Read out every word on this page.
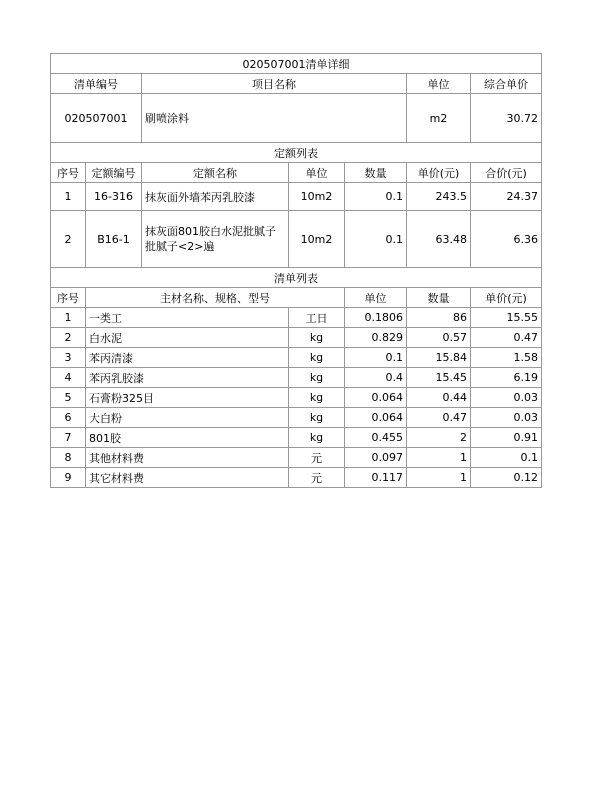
020507001清单详细							
清单编号		项目名称			单位	综合单价	
020507001		刷喷涂料			m2	30.72	
定额列表							
序号	定额编号	定额名称	单位	数量	单价(元)	合价(元)	
1	16-316	抹灰面外墙苯丙乳胶漆	10m2	0.1	243.5	24.37	
2	B16-1	抹灰面801胶白水泥批腻子批腻子<2>遍	10m2	0.1	63.48	6.36	
清单列表							
序号	主材名称、规格、型号			单位	数量	单价(元)	
1	一类工		工日	0.1806	86	15.55	
2	白水泥		kg	0.829	0.57	0.47	
3	苯丙清漆		kg	0.1	15.84	1.58	
4	苯丙乳胶漆		kg	0.4	15.45	6.19	
5	石膏粉325目		kg	0.064	0.44	0.03	
6	大白粉		kg	0.064	0.47	0.03	
7	801胶		kg	0.455	2	0.91	
8	其他材料费		元	0.097	1	0.1	
9	其它材料费		元	0.117	1	0.12	
